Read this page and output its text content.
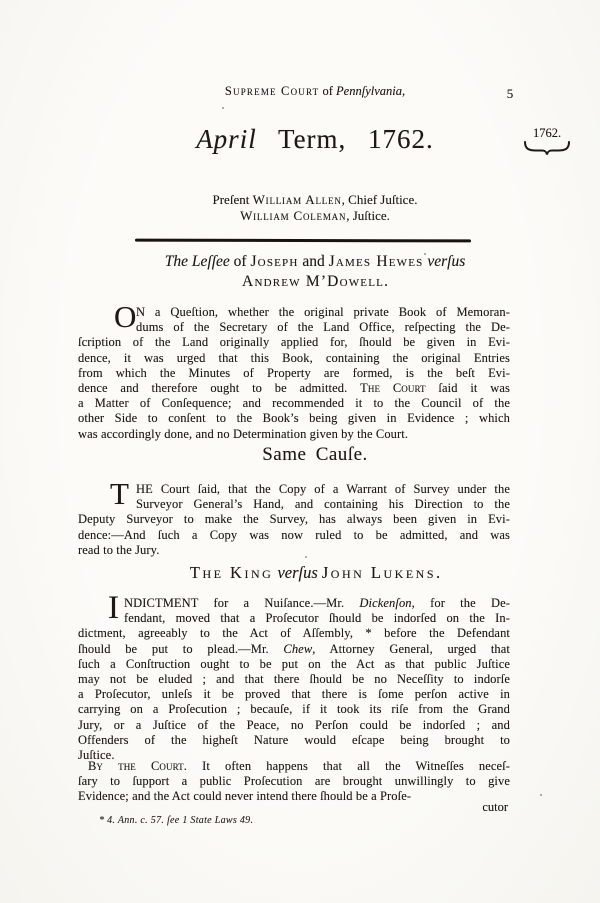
Supreme Court of Pennſylvania,	5
April Term, 1762.	1762.
Preſent William Allen, Chief Juſtice.
William Coleman, Juſtice.
The Leſſee of Joseph and James Hewes verſus
Andrew M’Dowell.
O N a Queſtion, whether the original private Book of Memoran-
dums of the Secretary of the Land Office, reſpecting the De-
ſcription of the Land originally applied for, ſhould be given in Evi-
dence, it was urged that this Book, containing the original Entries
from which the Minutes of Property are formed, is the beſt Evi-
dence and therefore ought to be admitted. The Court ſaid it was
a Matter of Conſequence; and recommended it to the Council of the
other Side to conſent to the Book’s being given in Evidence ; which
was accordingly done, and no Determination given by the Court.
Same Cauſe.
T HE Court ſaid, that the Copy of a Warrant of Survey under the
Surveyor General’s Hand, and containing his Direction to the
Deputy Surveyor to make the Survey, has always been given in Evi-
dence:—And ſuch a Copy was now ruled to be admitted, and was
read to the Jury.
The King verſus John Lukens.
I NDICTMENT for a Nuiſance.—Mr. Dickenſon, for the De-
fendant, moved that a Proſecutor ſhould be indorſed on the In-
dictment, agreeably to the Act of Aſſembly, * before the Defendant
ſhould be put to plead.—Mr. Chew, Attorney General, urged that
ſuch a Conſtruction ought to be put on the Act as that public Juſtice
may not be eluded ; and that there ſhould be no Neceſſity to indorſe
a Proſecutor, unleſs it be proved that there is ſome perſon active in
carrying on a Proſecution ; becauſe, if it took its riſe from the Grand
Jury, or a Juſtice of the Peace, no Perſon could be indorſed ; and
Offenders of the higheſt Nature would eſcape being brought to
Juſtice.
By the Court. It often happens that all the Witneſſes neceſ-
ſary to ſupport a public Proſecution are brought unwillingly to give
Evidence; and the Act could never intend there ſhould be a Proſe-
cutor
* 4. Ann. c. 57. ſee 1 State Laws 49.
